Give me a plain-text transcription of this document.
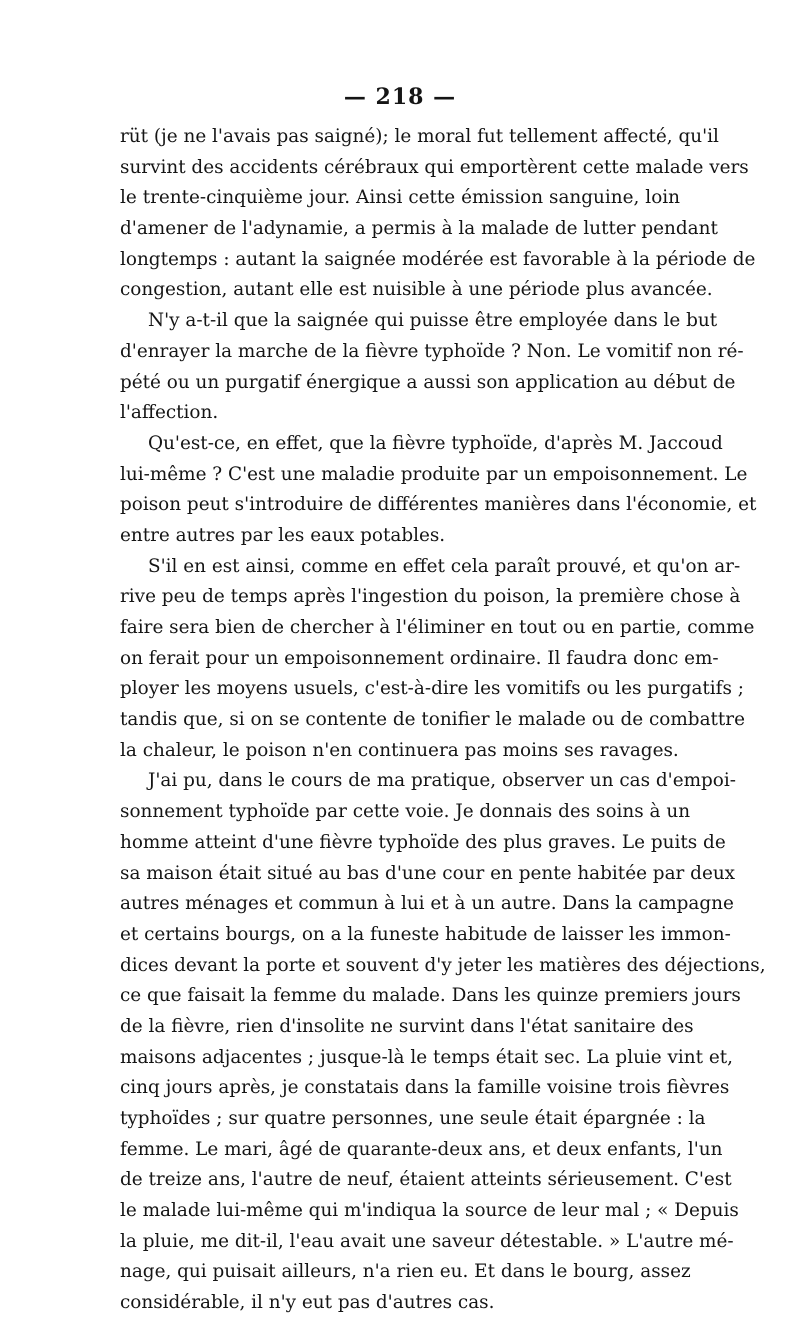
— 218 —

rüt (je ne l'avais pas saigné); le moral fut tellement affecté, qu'il
survint des accidents cérébraux qui emportèrent cette malade vers
le trente-cinquième jour. Ainsi cette émission sanguine, loin
d'amener de l'adynamie, a permis à la malade de lutter pendant
longtemps : autant la saignée modérée est favorable à la période de
congestion, autant elle est nuisible à une période plus avancée.
N'y a-t-il que la saignée qui puisse être employée dans le but
d'enrayer la marche de la fièvre typhoïde ? Non. Le vomitif non ré-
pété ou un purgatif énergique a aussi son application au début de
l'affection.
Qu'est-ce, en effet, que la fièvre typhoïde, d'après M. Jaccoud
lui-même ? C'est une maladie produite par un empoisonnement. Le
poison peut s'introduire de différentes manières dans l'économie, et
entre autres par les eaux potables.
S'il en est ainsi, comme en effet cela paraît prouvé, et qu'on ar-
rive peu de temps après l'ingestion du poison, la première chose à
faire sera bien de chercher à l'éliminer en tout ou en partie, comme
on ferait pour un empoisonnement ordinaire. Il faudra donc em-
ployer les moyens usuels, c'est-à-dire les vomitifs ou les purgatifs ;
tandis que, si on se contente de tonifier le malade ou de combattre
la chaleur, le poison n'en continuera pas moins ses ravages.
J'ai pu, dans le cours de ma pratique, observer un cas d'empoi-
sonnement typhoïde par cette voie. Je donnais des soins à un
homme atteint d'une fièvre typhoïde des plus graves. Le puits de
sa maison était situé au bas d'une cour en pente habitée par deux
autres ménages et commun à lui et à un autre. Dans la campagne
et certains bourgs, on a la funeste habitude de laisser les immon-
dices devant la porte et souvent d'y jeter les matières des déjections,
ce que faisait la femme du malade. Dans les quinze premiers jours
de la fièvre, rien d'insolite ne survint dans l'état sanitaire des
maisons adjacentes ; jusque-là le temps était sec. La pluie vint et,
cinq jours après, je constatais dans la famille voisine trois fièvres
typhoïdes ; sur quatre personnes, une seule était épargnée : la
femme. Le mari, âgé de quarante-deux ans, et deux enfants, l'un
de treize ans, l'autre de neuf, étaient atteints sérieusement. C'est
le malade lui-même qui m'indiqua la source de leur mal ; « Depuis
la pluie, me dit-il, l'eau avait une saveur détestable. » L'autre mé-
nage, qui puisait ailleurs, n'a rien eu. Et dans le bourg, assez
considérable, il n'y eut pas d'autres cas.
